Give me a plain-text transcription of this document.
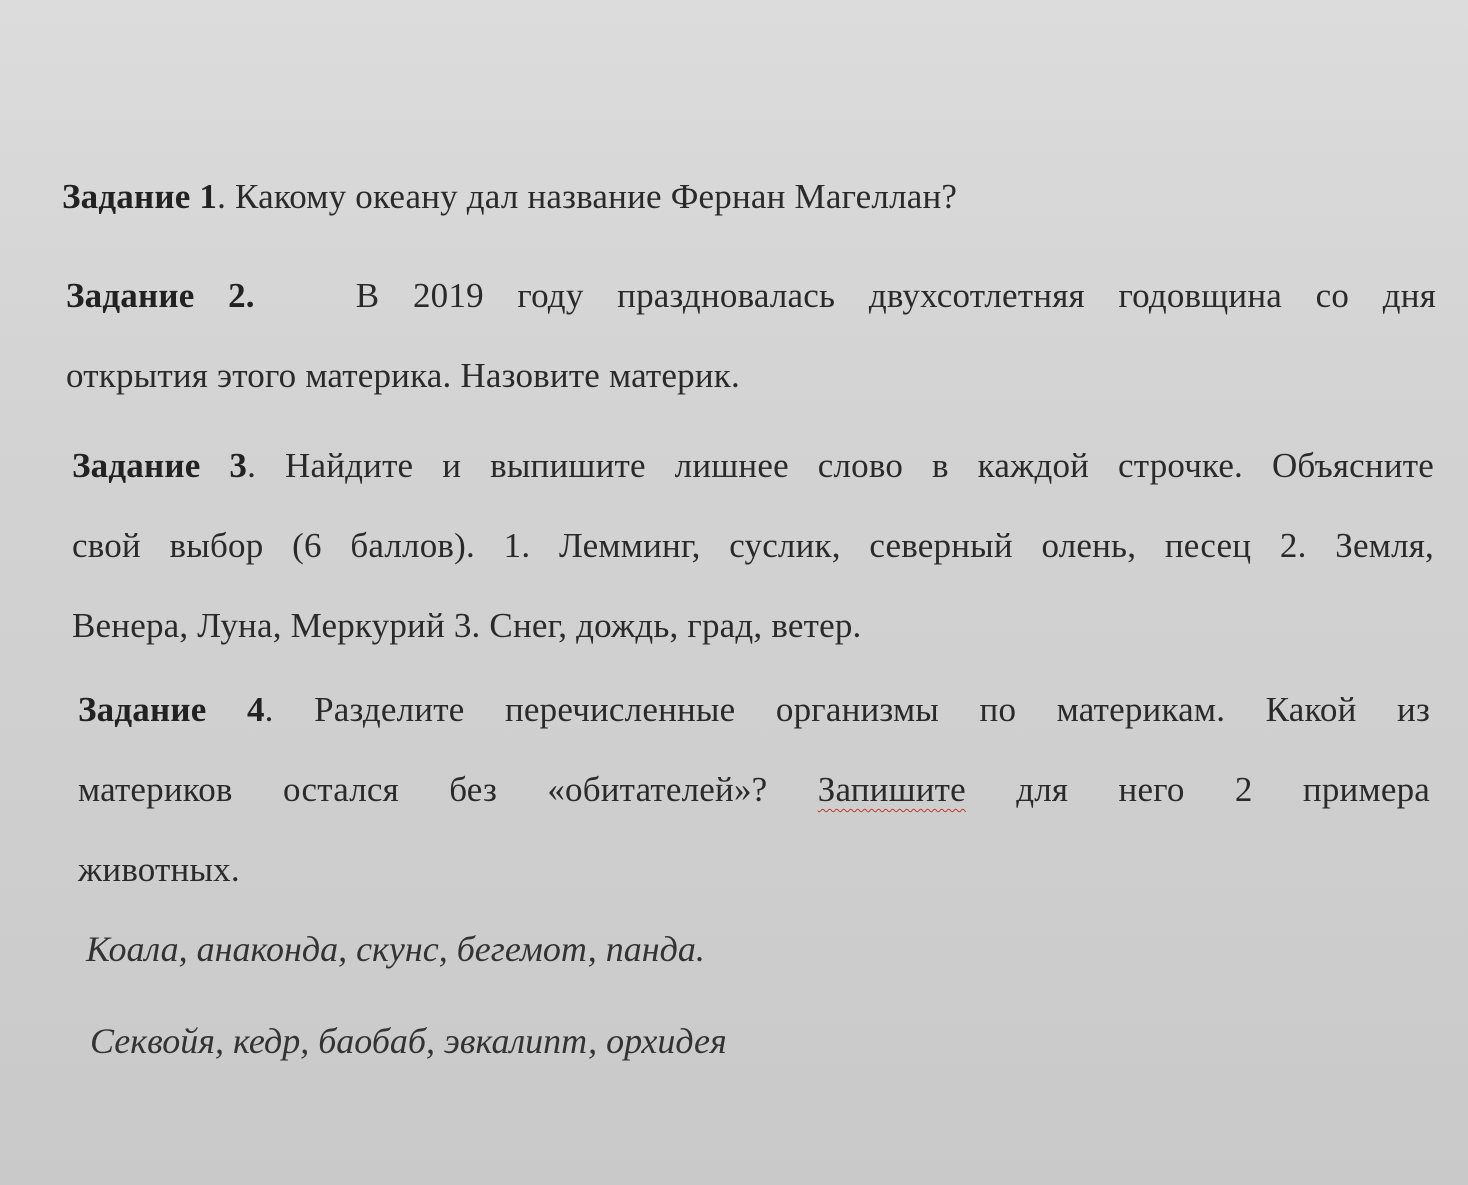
Задание 1. Какому океану дал название Фернан Магеллан?
Задание 2.	В 2019 году праздновалась двухсотлетняя годовщина со дня
открытия этого материка. Назовите материк.
Задание 3. Найдите и выпишите лишнее слово в каждой строчке. Объясните
свой выбор (6 баллов). 1. Лемминг, суслик, северный олень, песец 2. Земля,
Венера, Луна, Меркурий 3. Снег, дождь, град, ветер.
Задание 4. Разделите перечисленные организмы по материкам. Какой из
материков остался без «обитателей»? Запишите для него 2 примера
животных.
Коала, анаконда, скунс, бегемот, панда.
Секвойя, кедр, баобаб, эвкалипт, орхидея
